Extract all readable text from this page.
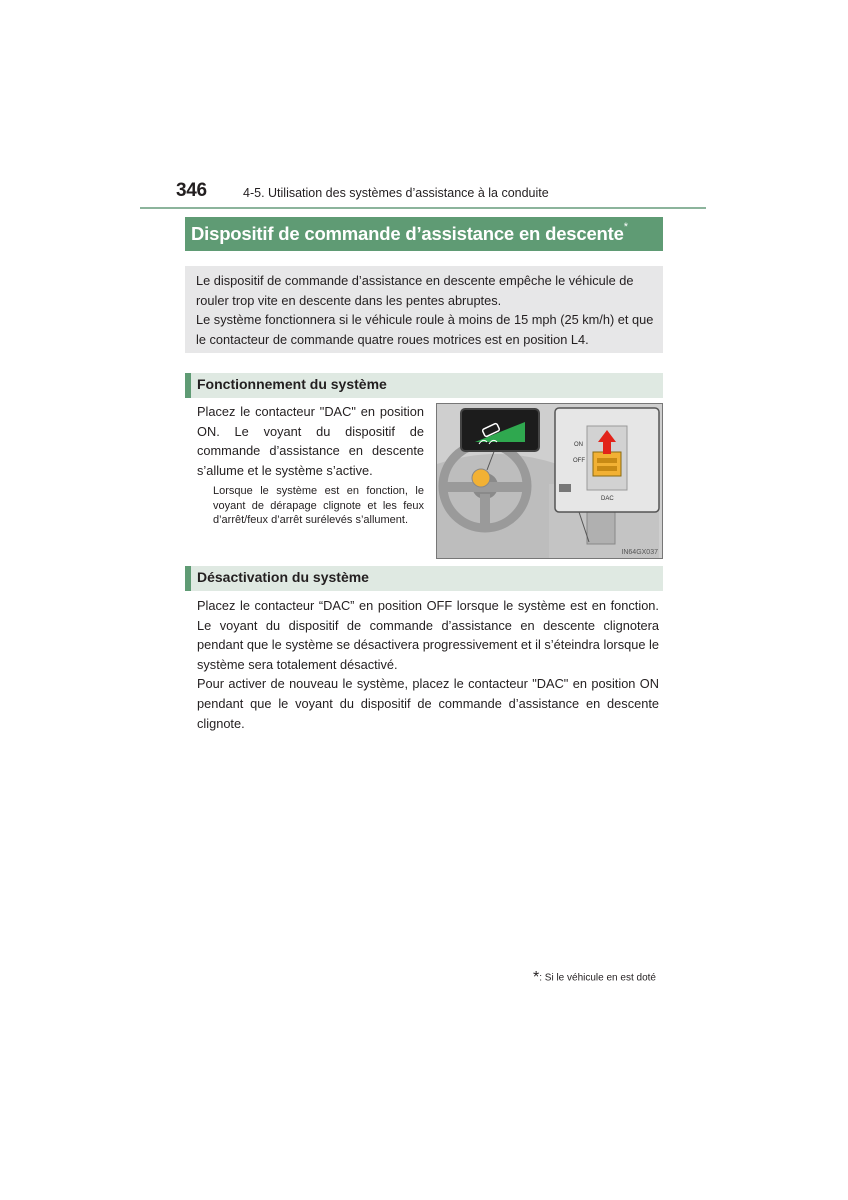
346	4-5. Utilisation des systèmes d’assistance à la conduite
Dispositif de commande d’assistance en descente*
Le dispositif de commande d’assistance en descente empêche le véhicule de rouler trop vite en descente dans les pentes abruptes.
Le système fonctionnera si le véhicule roule à moins de 15 mph (25 km/h) et que le contacteur de commande quatre roues motrices est en position L4.
Fonctionnement du système
Placez le contacteur "DAC" en position ON. Le voyant du dispositif de commande d’assistance en descente s’allume et le système s’active.
Lorsque le système est en fonction, le voyant de dérapage clignote et les feux d’arrêt/feux d’arrêt surélevés s’allument.
ON
OFF
DAC
IN64GX037
Désactivation du système
Placez le contacteur “DAC” en position OFF lorsque le système est en fonction. Le voyant du dispositif de commande d’assistance en descente clignotera pendant que le système se désactivera progressivement et il s’éteindra lorsque le système sera totalement désactivé.
Pour activer de nouveau le système, placez le contacteur "DAC" en position ON pendant que le voyant du dispositif de commande d’assistance en descente clignote.
*: Si le véhicule en est doté
